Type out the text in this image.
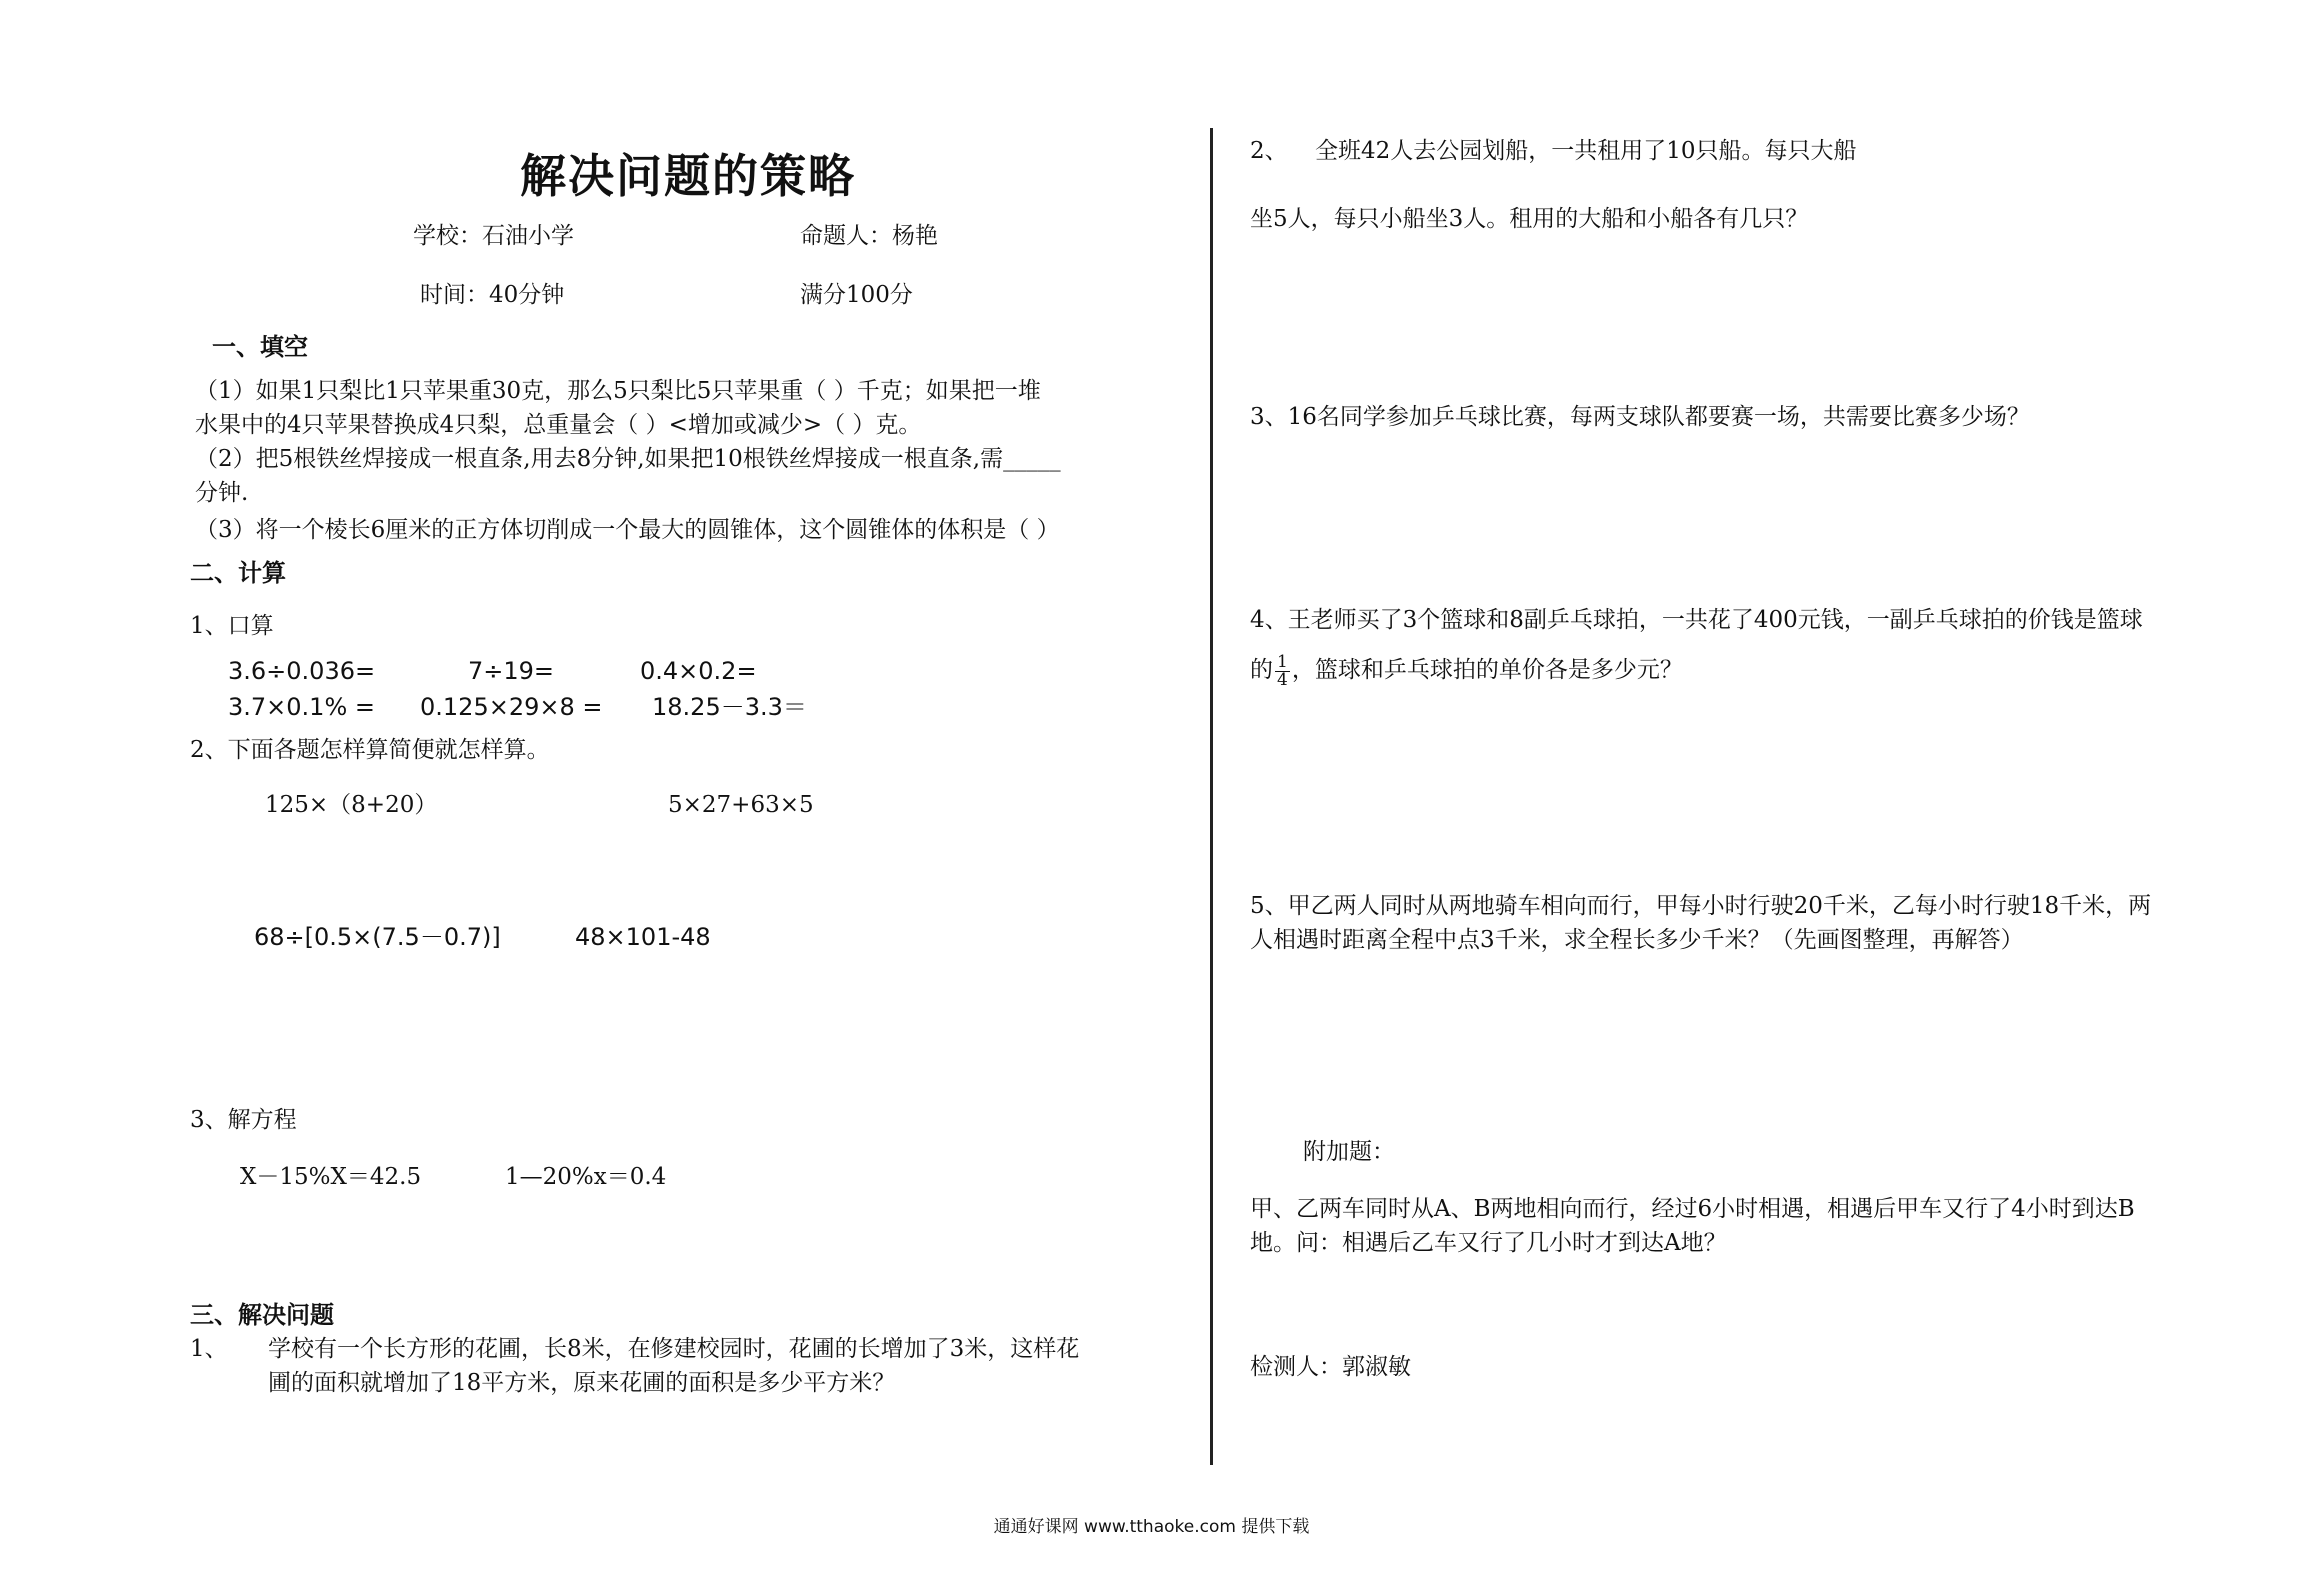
解决问题的策略
学校：石油小学	命题人：杨艳
时间：40分钟	满分100分
一、填空
（1）如果1只梨比1只苹果重30克，那么5只梨比5只苹果重（ ）千克；如果把一堆
水果中的4只苹果替换成4只梨，总重量会（ ）<增加或减少>（ ）克。
（2）把5根铁丝焊接成一根直条,用去8分钟,如果把10根铁丝焊接成一根直条,需_____
分钟.
（3）将一个棱长6厘米的正方体切削成一个最大的圆锥体，这个圆锥体的体积是（ ）
二、计算
1、口算
3.6÷0.036=	7÷19=	0.4×0.2=
3.7×0.1% = 0.125×29×8 = 18.25－3.3＝
2、下面各题怎样算简便就怎样算。
125×（8+20）	5×27+63×5
68÷[0.5×(7.5－0.7)]	48×101-48
3、解方程
X－15%X＝42.5	1—20%x＝0.4
三、解决问题
1、 学校有一个长方形的花圃，长8米，在修建校园时，花圃的长增加了3米，这样花
圃的面积就增加了18平方米，原来花圃的面积是多少平方米？
2、 全班42人去公园划船，一共租用了10只船。每只大船
坐5人，每只小船坐3人。租用的大船和小船各有几只？
3、16名同学参加乒乓球比赛，每两支球队都要赛一场，共需要比赛多少场？
4、王老师买了3个篮球和8副乒乓球拍，一共花了400元钱，一副乒乓球拍的价钱是篮球
的 $\frac{1}{4}$ ，篮球和乒乓球拍的单价各是多少元？
5、甲乙两人同时从两地骑车相向而行，甲每小时行驶20千米，乙每小时行驶18千米，两
人相遇时距离全程中点3千米，求全程长多少千米？（先画图整理，再解答）
附加题：
甲、乙两车同时从A、B两地相向而行，经过6小时相遇，相遇后甲车又行了4小时到达B
地。问：相遇后乙车又行了几小时才到达A地？
检测人：郭淑敏
通通好课网 www.tthaoke.com 提供下载
